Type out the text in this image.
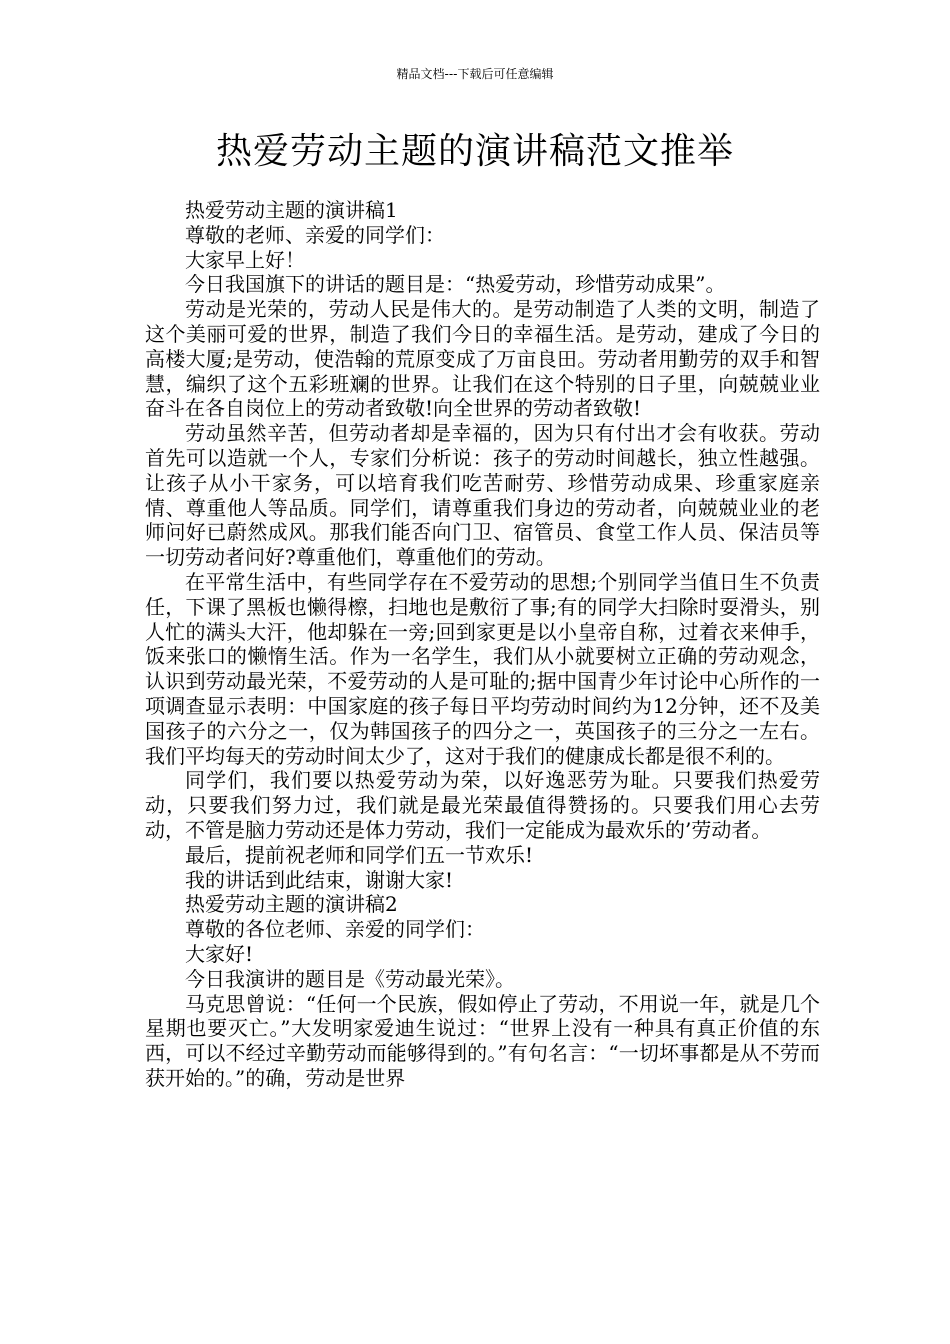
精品文档---下载后可任意编辑
热爱劳动主题的演讲稿范文推举

热爱劳动主题的演讲稿1

尊敬的老师、亲爱的同学们：

大家早上好！

今日我国旗下的讲话的题目是：“热爱劳动，珍惜劳动成果”。

劳动是光荣的，劳动人民是伟大的。是劳动制造了人类的文明，制造了这个美丽可爱的世界，制造了我们今日的幸福生活。是劳动，建成了今日的高楼大厦;是劳动，使浩翰的荒原变成了万亩良田。劳动者用勤劳的双手和智慧，编织了这个五彩班斓的世界。让我们在这个特别的日子里，向兢兢业业奋斗在各自岗位上的劳动者致敬!向全世界的劳动者致敬!

劳动虽然辛苦，但劳动者却是幸福的，因为只有付出才会有收获。劳动首先可以造就一个人，专家们分析说：孩子的劳动时间越长，独立性越强。让孩子从小干家务，可以培育我们吃苦耐劳、珍惜劳动成果、珍重家庭亲情、尊重他人等品质。同学们，请尊重我们身边的劳动者，向兢兢业业的老师问好已蔚然成风。那我们能否向门卫、宿管员、食堂工作人员、保洁员等一切劳动者问好?尊重他们，尊重他们的劳动。

在平常生活中，有些同学存在不爱劳动的思想;个别同学当值日生不负责任，下课了黑板也懒得檫，扫地也是敷衍了事;有的同学大扫除时耍滑头，别人忙的满头大汗，他却躲在一旁;回到家更是以小皇帝自称，过着衣来伸手，饭来张口的懒惰生活。作为一名学生，我们从小就要树立正确的劳动观念，认识到劳动最光荣，不爱劳动的人是可耻的;据中国青少年讨论中心所作的一项调查显示表明：中国家庭的孩子每日平均劳动时间约为12分钟，还不及美国孩子的六分之一，仅为韩国孩子的四分之一，英国孩子的三分之一左右。我们平均每天的劳动时间太少了，这对于我们的健康成长都是很不利的。

同学们，我们要以热爱劳动为荣，以好逸恶劳为耻。只要我们热爱劳动，只要我们努力过，我们就是最光荣最值得赞扬的。只要我们用心去劳动，不管是脑力劳动还是体力劳动，我们一定能成为最欢乐的’劳动者。

最后，提前祝老师和同学们五一节欢乐!

我的讲话到此结束，谢谢大家!

热爱劳动主题的演讲稿2

尊敬的各位老师、亲爱的同学们：

大家好!

今日我演讲的题目是《劳动最光荣》。

马克思曾说：“任何一个民族，假如停止了劳动，不用说一年，就是几个星期也要灭亡。”大发明家爱迪生说过：“世界上没有一种具有真正价值的东西，可以不经过辛勤劳动而能够得到的。”有句名言：“一切坏事都是从不劳而获开始的。”的确，劳动是世界
